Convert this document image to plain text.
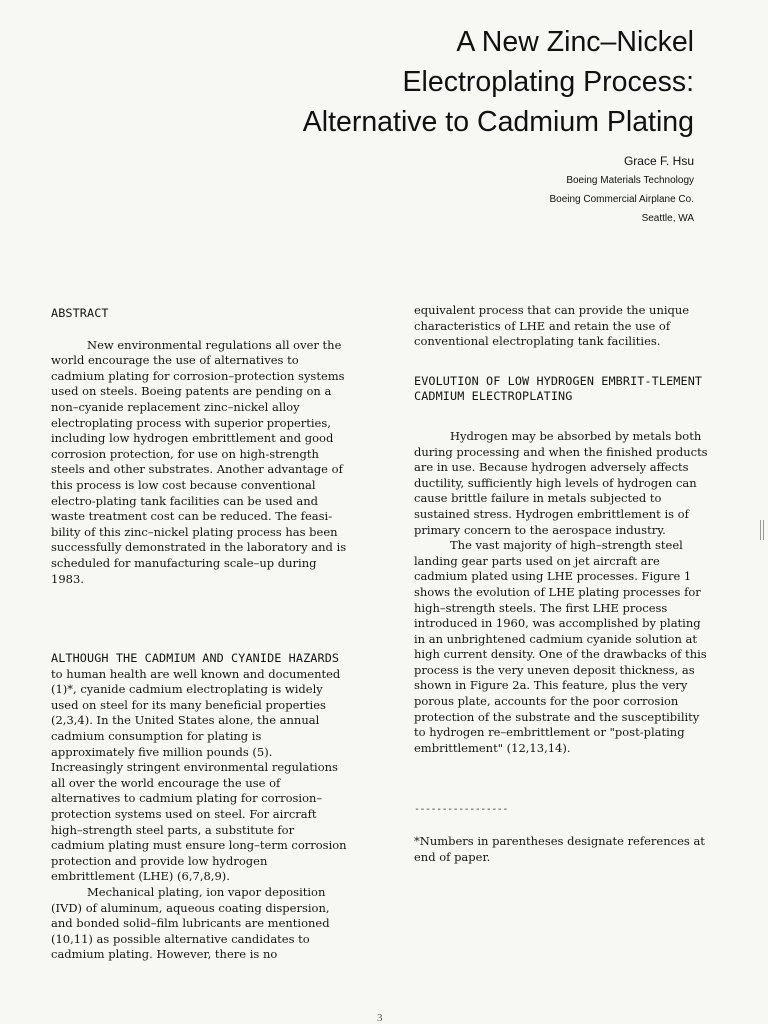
A New Zinc–Nickel
Electroplating Process:
Alternative to Cadmium Plating
Grace F. Hsu
Boeing Materials Technology
Boeing Commercial Airplane Co.
Seattle, WA

ABSTRACT

New environmental regulations all over the world encourage the use of alternatives to cadmium plating for corrosion–protection systems used on steels. Boeing patents are pending on a non–cyanide replacement zinc–nickel alloy electroplating process with superior properties, including low hydrogen embrittlement and good corrosion protection, for use on high-strength steels and other substrates. Another advantage of this process is low cost because conventional electro-plating tank facilities can be used and waste treatment cost can be reduced. The feasi-bility of this zinc–nickel plating process has been successfully demonstrated in the laboratory and is scheduled for manufacturing scale–up during 1983.

ALTHOUGH THE CADMIUM AND CYANIDE HAZARDS to human health are well known and documented (1)*, cyanide cadmium electroplating is widely used on steel for its many beneficial properties (2,3,4). In the United States alone, the annual cadmium consumption for plating is approximately five million pounds (5). Increasingly stringent environmental regulations all over the world encourage the use of alternatives to cadmium plating for corrosion–protection systems used on steel. For aircraft high–strength steel parts, a substitute for cadmium plating must ensure long–term corrosion protection and provide low hydrogen embrittlement (LHE) (6,7,8,9).

Mechanical plating, ion vapor deposition (IVD) of aluminum, aqueous coating dispersion, and bonded solid–film lubricants are mentioned (10,11) as possible alternative candidates to cadmium plating. However, there is no

equivalent process that can provide the unique characteristics of LHE and retain the use of conventional electroplating tank facilities.

EVOLUTION OF LOW HYDROGEN EMBRIT-TLEMENT CADMIUM ELECTROPLATING

Hydrogen may be absorbed by metals both during processing and when the finished products are in use. Because hydrogen adversely affects ductility, sufficiently high levels of hydrogen can cause brittle failure in metals subjected to sustained stress. Hydrogen embrittlement is of primary concern to the aerospace industry.

The vast majority of high–strength steel landing gear parts used on jet aircraft are cadmium plated using LHE processes. Figure 1 shows the evolution of LHE plating processes for high–strength steels. The first LHE process introduced in 1960, was accomplished by plating in an unbrightened cadmium cyanide solution at high current density. One of the drawbacks of this process is the very uneven deposit thickness, as shown in Figure 2a. This feature, plus the very porous plate, accounts for the poor corrosion protection of the substrate and the susceptibility to hydrogen re–embrittlement or "post-plating embrittlement" (12,13,14).

-----------------

*Numbers in parentheses designate references at end of paper.

3
